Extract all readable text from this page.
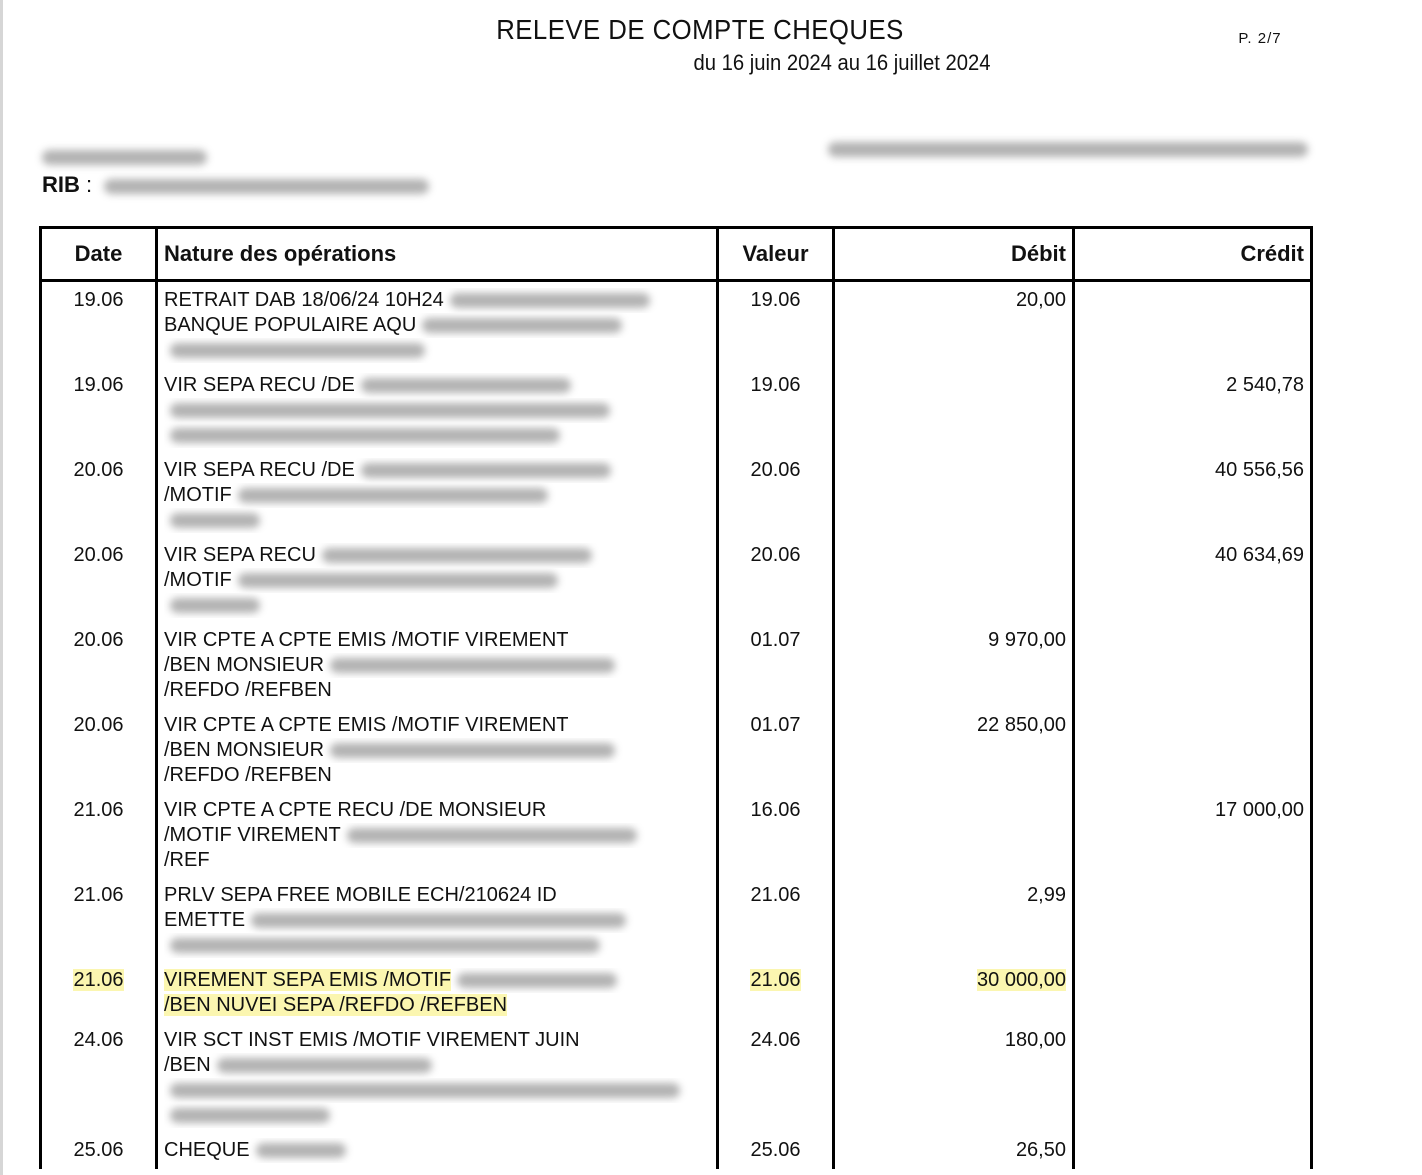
RELEVE DE COMPTE CHEQUES
du 16 juin 2024 au 16 juillet 2024
P. 2/7
RIB :
Date	Nature des opérations	Valeur	Débit	Crédit
19.06	RETRAIT DAB 18/06/24 10H24
BANQUE POPULAIRE AQU	19.06	20,00	
19.06	VIR SEPA RECU /DE	19.06		2 540,78
20.06	VIR SEPA RECU /DE
/MOTIF	20.06		40 556,56
20.06	VIR SEPA RECU
/MOTIF	20.06		40 634,69
20.06	VIR CPTE A CPTE EMIS /MOTIF VIREMENT
/BEN MONSIEUR
/REFDO /REFBEN	01.07	9 970,00	
20.06	VIR CPTE A CPTE EMIS /MOTIF VIREMENT
/BEN MONSIEUR
/REFDO /REFBEN	01.07	22 850,00	
21.06	VIR CPTE A CPTE RECU /DE MONSIEUR
/MOTIF VIREMENT
/REF	16.06		17 000,00
21.06	PRLV SEPA FREE MOBILE ECH/210624 ID
EMETTE	21.06	2,99	
21.06	VIREMENT SEPA EMIS /MOTIF
/BEN NUVEI SEPA /REFDO /REFBEN	21.06	30 000,00	
24.06	VIR SCT INST EMIS /MOTIF VIREMENT JUIN
/BEN	24.06	180,00	
25.06	CHEQUE	25.06	26,50	
